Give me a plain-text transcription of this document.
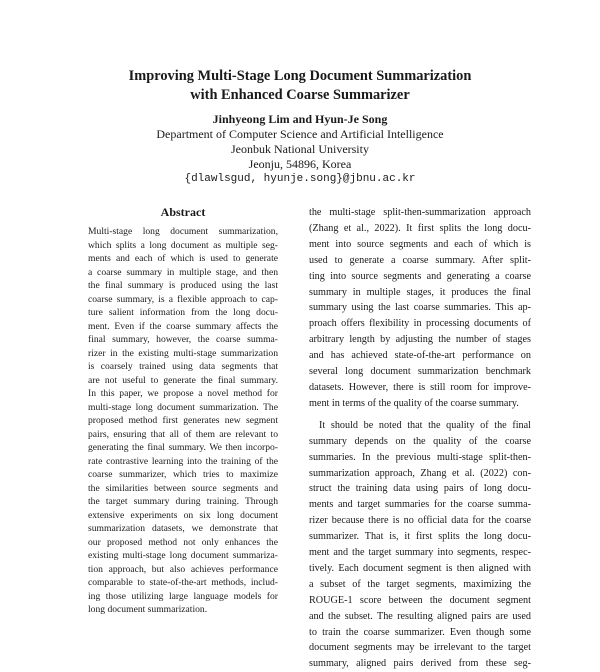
Improving Multi-Stage Long Document Summarization
with Enhanced Coarse Summarizer
Jinhyeong Lim and Hyun-Je Song
Department of Computer Science and Artificial Intelligence
Jeonbuk National University
Jeonju, 54896, Korea
{dlawlsgud, hyunje.song}@jbnu.ac.kr
Abstract
Multi-stage long document summarization,
which splits a long document as multiple seg-
ments and each of which is used to generate
a coarse summary in multiple stage, and then
the final summary is produced using the last
coarse summary, is a flexible approach to cap-
ture salient information from the long docu-
ment. Even if the coarse summary affects the
final summary, however, the coarse summa-
rizer in the existing multi-stage summarization
is coarsely trained using data segments that
are not useful to generate the final summary.
In this paper, we propose a novel method for
multi-stage long document summarization. The
proposed method first generates new segment
pairs, ensuring that all of them are relevant to
generating the final summary. We then incorpo-
rate contrastive learning into the training of the
coarse summarizer, which tries to maximize
the similarities between source segments and
the target summary during training. Through
extensive experiments on six long document
summarization datasets, we demonstrate that
our proposed method not only enhances the
existing multi-stage long document summariza-
tion approach, but also achieves performance
comparable to state-of-the-art methods, includ-
ing those utilizing large language models for
long document summarization.
the multi-stage split-then-summarization approach
(Zhang et al., 2022). It first splits the long docu-
ment into source segments and each of which is
used to generate a coarse summary. After split-
ting into source segments and generating a coarse
summary in multiple stages, it produces the final
summary using the last coarse summaries. This ap-
proach offers flexibility in processing documents of
arbitrary length by adjusting the number of stages
and has achieved state-of-the-art performance on
several long document summarization benchmark
datasets. However, there is still room for improve-
ment in terms of the quality of the coarse summary.
It should be noted that the quality of the final
summary depends on the quality of the coarse
summaries. In the previous multi-stage split-then-
summarization approach, Zhang et al. (2022) con-
struct the training data using pairs of long docu-
ments and target summaries for the coarse summa-
rizer because there is no official data for the coarse
summarizer. That is, it first splits the long docu-
ment and the target summary into segments, respec-
tively. Each document segment is then aligned with
a subset of the target segments, maximizing the
ROUGE-1 score between the document segment
and the subset. The resulting aligned pairs are used
to train the coarse summarizer. Even though some
document segments may be irrelevant to the target
summary, aligned pairs derived from these seg-
